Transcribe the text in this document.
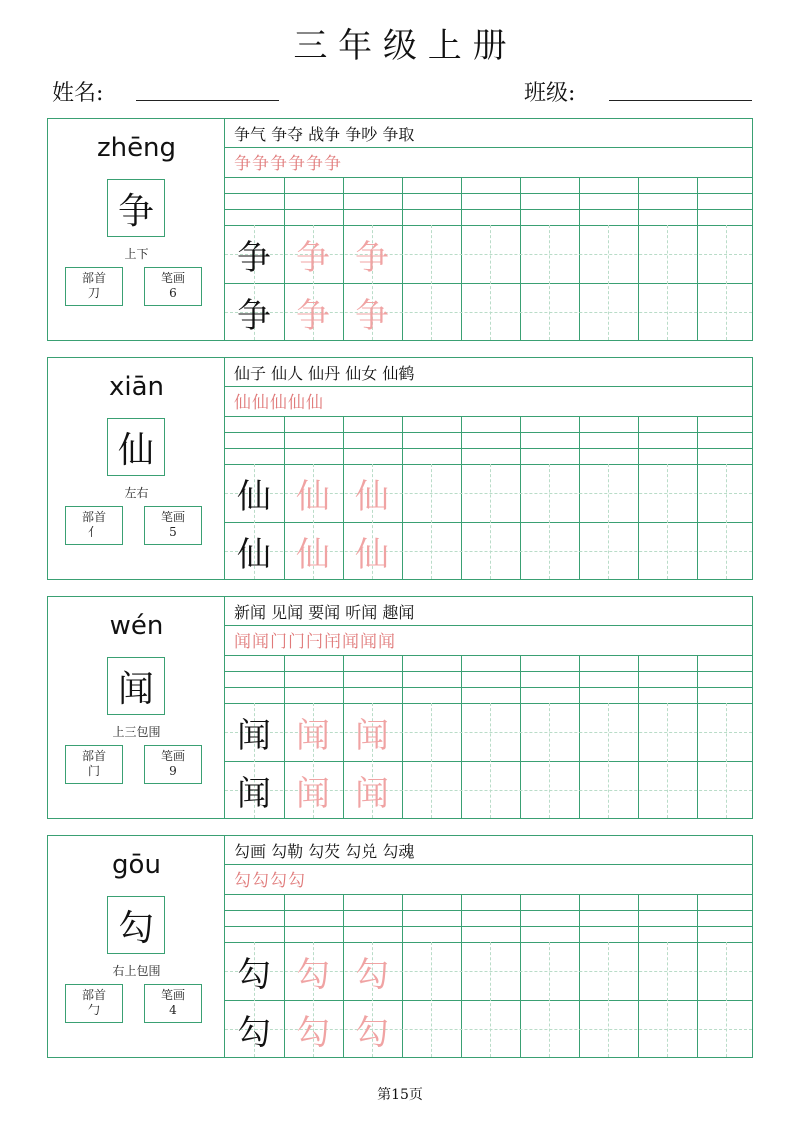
三 年 级 上 册
姓名:	班级:
zhēng
争
上下
部首
刀
笔画
6
争气 争夺 战争 争吵 争取
争争争争争争
争 争 争
争 争 争
xiān
仙
左右
部首
亻
笔画
5
仙子 仙人 仙丹 仙女 仙鹤
仙仙仙仙仙
仙 仙 仙
仙 仙 仙
wén
闻
上三包围
部首
门
笔画
9
新闻 见闻 要闻 听闻 趣闻
闻闻门门闩闬闻闻闻
闻 闻 闻
闻 闻 闻
gōu
勾
右上包围
部首
勹
笔画
4
勾画 勾勒 勾芡 勾兑 勾魂
勾勾勾勾
勾 勾 勾
勾 勾 勾
第15页
